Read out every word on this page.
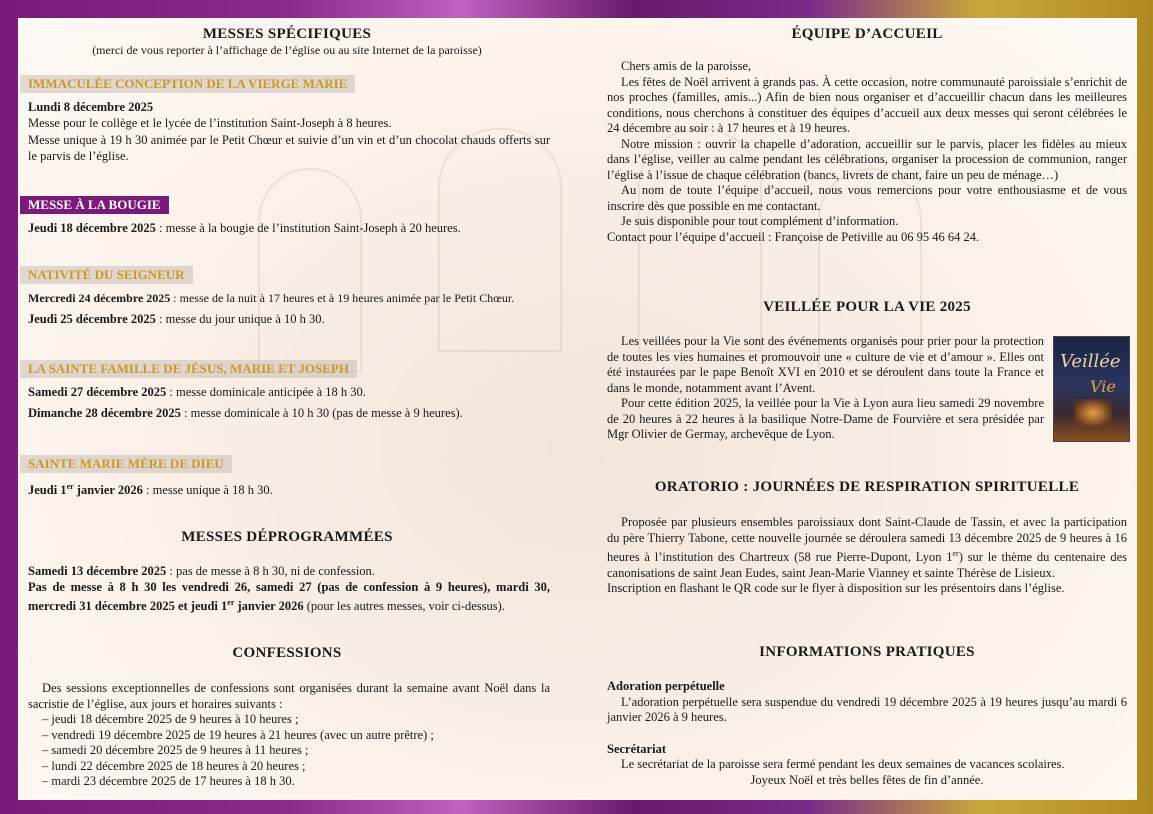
MESSES SPÉCIFIQUES

(merci de vous reporter à l’affichage de l’église ou au site Internet de la paroisse)

IMMACULÉE CONCEPTION DE LA VIERGE MARIE

Lundi 8 décembre 2025

Messe pour le collège et le lycée de l’institution Saint-Joseph à 8 heures.

Messe unique à 19 h 30 animée par le Petit Chœur et suivie d’un vin et d’un chocolat chauds offerts sur le parvis de l’église.

MESSE À LA BOUGIE

Jeudi 18 décembre 2025 : messe à la bougie de l’institution Saint-Joseph à 20 heures.

NATIVITÉ DU SEIGNEUR

Mercredi 24 décembre 2025 : messe de la nuit à 17 heures et à 19 heures animée par le Petit Chœur.

Jeudi 25 décembre 2025 : messe du jour unique à 10 h 30.

LA SAINTE FAMILLE DE JÉSUS, MARIE ET JOSEPH

Samedi 27 décembre 2025 : messe dominicale anticipée à 18 h 30.

Dimanche 28 décembre 2025 : messe dominicale à 10 h 30 (pas de messe à 9 heures).

SAINTE MARIE MÈRE DE DIEU

Jeudi 1er janvier 2026 : messe unique à 18 h 30.

MESSES DÉPROGRAMMÉES

Samedi 13 décembre 2025 : pas de messe à 8 h 30, ni de confession.

Pas de messe à 8 h 30 les vendredi 26, samedi 27 (pas de confession à 9 heures), mardi 30, mercredi 31 décembre 2025 et jeudi 1er janvier 2026 (pour les autres messes, voir ci-dessus).

CONFESSIONS

Des sessions exceptionnelles de confessions sont organisées durant la semaine avant Noël dans la sacristie de l’église, aux jours et horaires suivants :

– jeudi 18 décembre 2025 de 9 heures à 10 heures ;

– vendredi 19 décembre 2025 de 19 heures à 21 heures (avec un autre prêtre) ;

– samedi 20 décembre 2025 de 9 heures à 11 heures ;

– lundi 22 décembre 2025 de 18 heures à 20 heures ;

– mardi 23 décembre 2025 de 17 heures à 18 h 30.

ÉQUIPE D’ACCUEIL

Chers amis de la paroisse,

Les fêtes de Noël arrivent à grands pas. À cette occasion, notre communauté paroissiale s’enrichit de nos proches (familles, amis...) Afin de bien nous organiser et d’accueillir chacun dans les meilleures conditions, nous cherchons à constituer des équipes d’accueil aux deux messes qui seront célébrées le 24 décembre au soir : à 17 heures et à 19 heures.

Notre mission : ouvrir la chapelle d’adoration, accueillir sur le parvis, placer les fidèles au mieux dans l’église, veiller au calme pendant les célébrations, organiser la procession de communion, ranger l’église à l’issue de chaque célébration (bancs, livrets de chant, faire un peu de ménage…)

Au nom de toute l’équipe d’accueil, nous vous remercions pour votre enthousiasme et de vous inscrire dès que possible en me contactant.

Je suis disponible pour tout complément d’information.

Contact pour l’équipe d’accueil : Françoise de Petiville au 06 95 46 64 24.

VEILLÉE POUR LA VIE 2025

Les veillées pour la Vie sont des événements organisés pour prier pour la protection de toutes les vies humaines et promouvoir une « culture de vie et d’amour ». Elles ont été instaurées par le pape Benoît XVI en 2010 et se déroulent dans toute la France et dans le monde, notamment avant l’Avent.

Pour cette édition 2025, la veillée pour la Vie à Lyon aura lieu samedi 29 novembre de 20 heures à 22 heures à la basilique Notre-Dame de Fourvière et sera présidée par Mgr Olivier de Germay, archevêque de Lyon.

Veillée
Vie

ORATORIO : JOURNÉES DE RESPIRATION SPIRITUELLE

Proposée par plusieurs ensembles paroissiaux dont Saint-Claude de Tassin, et avec la participation du père Thierry Tabone, cette nouvelle journée se déroulera samedi 13 décembre 2025 de 9 heures à 16 heures à l’institution des Chartreux (58 rue Pierre-Dupont, Lyon 1er) sur le thème du centenaire des canonisations de saint Jean Eudes, saint Jean-Marie Vianney et sainte Thérèse de Lisieux.

Inscription en flashant le QR code sur le flyer à disposition sur les présentoirs dans l’église.

INFORMATIONS PRATIQUES

Adoration perpétuelle

L’adoration perpétuelle sera suspendue du vendredi 19 décembre 2025 à 19 heures jusqu’au mardi 6 janvier 2026 à 9 heures.

Secrétariat

Le secrétariat de la paroisse sera fermé pendant les deux semaines de vacances scolaires.

Joyeux Noël et très belles fêtes de fin d’année.
